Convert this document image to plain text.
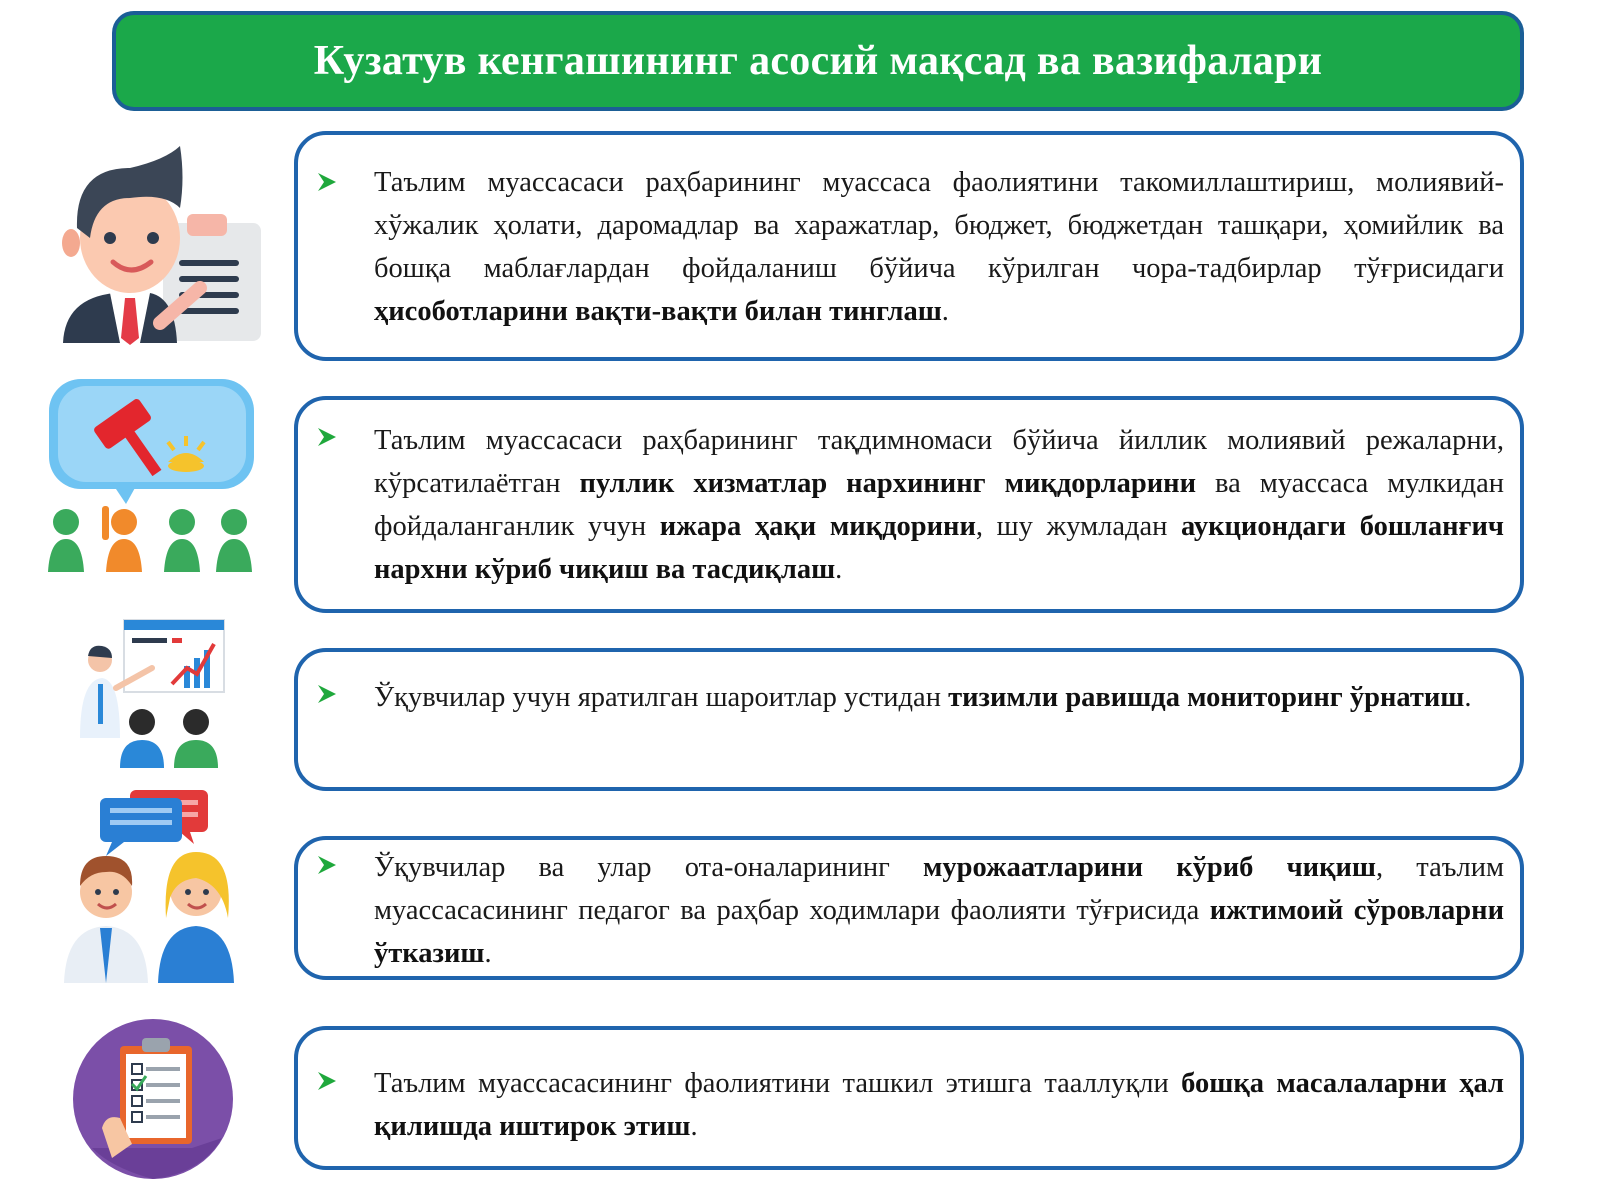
Кузатув кенгашининг асосий мақсад ва вазифалари
Таълим муассасаси раҳбарининг муассаса фаолиятини такомиллаштириш, молиявий-хўжалик ҳолати, даромадлар ва харажатлар, бюджет, бюджетдан ташқари, ҳомийлик ва бошқа маблағлардан фойдаланиш бўйича кўрилган чора-тадбирлар тўғрисидаги ҳисоботларини вақти-вақти билан тинглаш.
Таълим муассасаси раҳбарининг тақдимномаси бўйича йиллик молиявий режаларни, кўрсатилаётган пуллик хизматлар нархининг миқдорларини ва муассаса мулкидан фойдаланганлик учун ижара ҳақи миқдорини, шу жумладан аукциондаги бошланғич нархни кўриб чиқиш ва тасдиқлаш.
Ўқувчилар учун яратилган шароитлар устидан тизимли равишда мониторинг ўрнатиш.
Ўқувчилар ва улар ота-оналарининг мурожаатларини кўриб чиқиш, таълим муассасасининг педагог ва раҳбар ходимлари фаолияти тўғрисида ижтимоий сўровларни ўтказиш.
Таълим муассасасининг фаолиятини ташкил этишга тааллуқли бошқа масалаларни ҳал қилишда иштирок этиш.
